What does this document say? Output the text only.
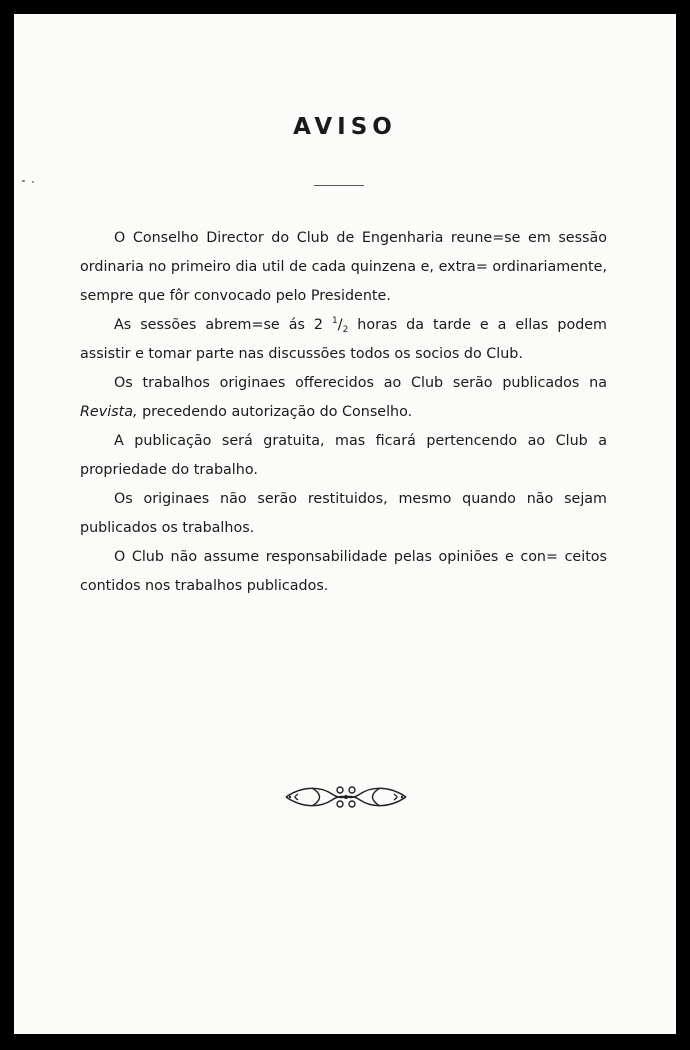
AVISO

O Conselho Director do Club de Engenharia reune=se em sessão ordinaria no primeiro dia util de cada quinzena e, extra= ordinariamente, sempre que fôr convocado pelo Presidente.

As sessões abrem=se ás 2 $^1/_2$ horas da tarde e a ellas podem assistir e tomar parte nas discussões todos os socios do Club.

Os trabalhos originaes offerecidos ao Club serão publicados na Revista, precedendo autorização do Conselho.

A publicação será gratuita, mas ficará pertencendo ao Club a propriedade do trabalho.

Os originaes não serão restituidos, mesmo quando não sejam publicados os trabalhos.

O Club não assume responsabilidade pelas opiniões e con= ceitos contidos nos trabalhos publicados.
